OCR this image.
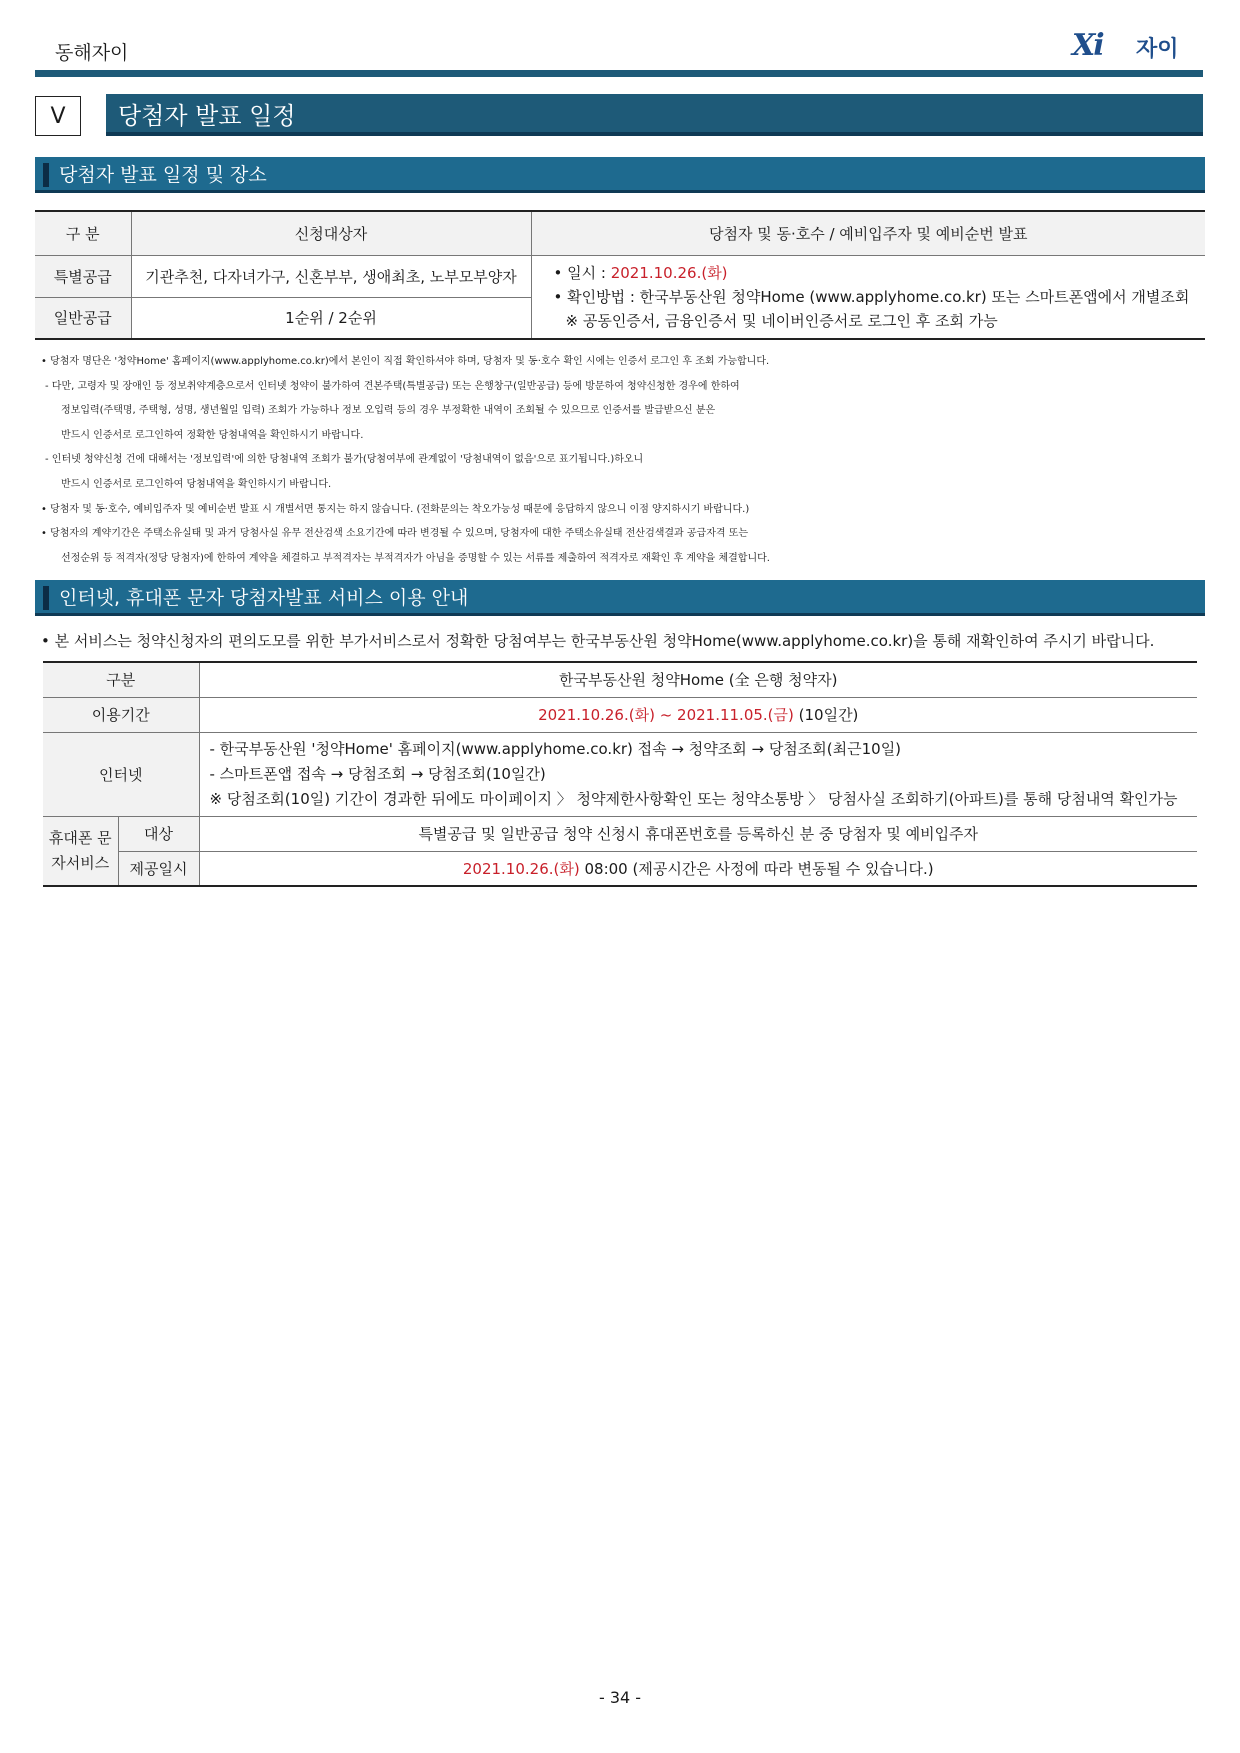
동해자이	Xi 자이
V	당첨자 발표 일정
당첨자 발표 일정 및 장소
구 분	신청대상자	당첨자 및 동·호수 / 예비입주자 및 예비순번 발표
특별공급	기관추천, 다자녀가구, 신혼부부, 생애최초, 노부모부양자	• 일시 : 2021.10.26.(화)
• 확인방법 : 한국부동산원 청약Home (www.applyhome.co.kr) 또는 스마트폰앱에서 개별조회
※ 공동인증서, 금융인증서 및 네이버인증서로 로그인 후 조회 가능

일반공급	1순위 / 2순위	

• 당첨자 명단은 '청약Home' 홈페이지(www.applyhome.co.kr)에서 본인이 직접 확인하셔야 하며, 당첨자 및 동·호수 확인 시에는 인증서 로그인 후 조회 가능합니다.

- 다만, 고령자 및 장애인 등 정보취약계층으로서 인터넷 청약이 불가하여 견본주택(특별공급) 또는 은행창구(일반공급) 등에 방문하여 청약신청한 경우에 한하여

정보입력(주택명, 주택형, 성명, 생년월일 입력) 조회가 가능하나 정보 오입력 등의 경우 부정확한 내역이 조회될 수 있으므로 인증서를 발급받으신 분은

반드시 인증서로 로그인하여 정확한 당첨내역을 확인하시기 바랍니다.

- 인터넷 청약신청 건에 대해서는 '정보입력'에 의한 당첨내역 조회가 불가(당첨여부에 관계없이 '당첨내역이 없음'으로 표기됩니다.)하오니

반드시 인증서로 로그인하여 당첨내역을 확인하시기 바랍니다.

• 당첨자 및 동·호수, 예비입주자 및 예비순번 발표 시 개별서면 통지는 하지 않습니다. (전화문의는 착오가능성 때문에 응답하지 않으니 이점 양지하시기 바랍니다.)

• 당첨자의 계약기간은 주택소유실태 및 과거 당첨사실 유무 전산검색 소요기간에 따라 변경될 수 있으며, 당첨자에 대한 주택소유실태 전산검색결과 공급자격 또는

선정순위 등 적격자(정당 당첨자)에 한하여 계약을 체결하고 부적격자는 부적격자가 아님을 증명할 수 있는 서류를 제출하여 적격자로 재확인 후 계약을 체결합니다.

인터넷, 휴대폰 문자 당첨자발표 서비스 이용 안내
• 본 서비스는 청약신청자의 편의도모를 위한 부가서비스로서 정확한 당첨여부는 한국부동산원 청약Home(www.applyhome.co.kr)을 통해 재확인하여 주시기 바랍니다.
구분		한국부동산원 청약Home (全 은행 청약자)
이용기간		2021.10.26.(화) ~ 2021.11.05.(금) (10일간)
인터넷		- 한국부동산원 '청약Home' 홈페이지(www.applyhome.co.kr) 접속 → 청약조회 → 당첨조회(최근10일)
- 스마트폰앱 접속 → 당첨조회 → 당첨조회(10일간)
※ 당첨조회(10일) 기간이 경과한 뒤에도 마이페이지 〉 청약제한사항확인 또는 청약소통방 〉 당첨사실 조회하기(아파트)를 통해 당첨내역 확인가능

휴대폰 문자서비스	대상	특별공급 및 일반공급 청약 신청시 휴대폰번호를 등록하신 분 중 당첨자 및 예비입주자
	제공일시	2021.10.26.(화) 08:00 (제공시간은 사정에 따라 변동될 수 있습니다.)
- 34 -
